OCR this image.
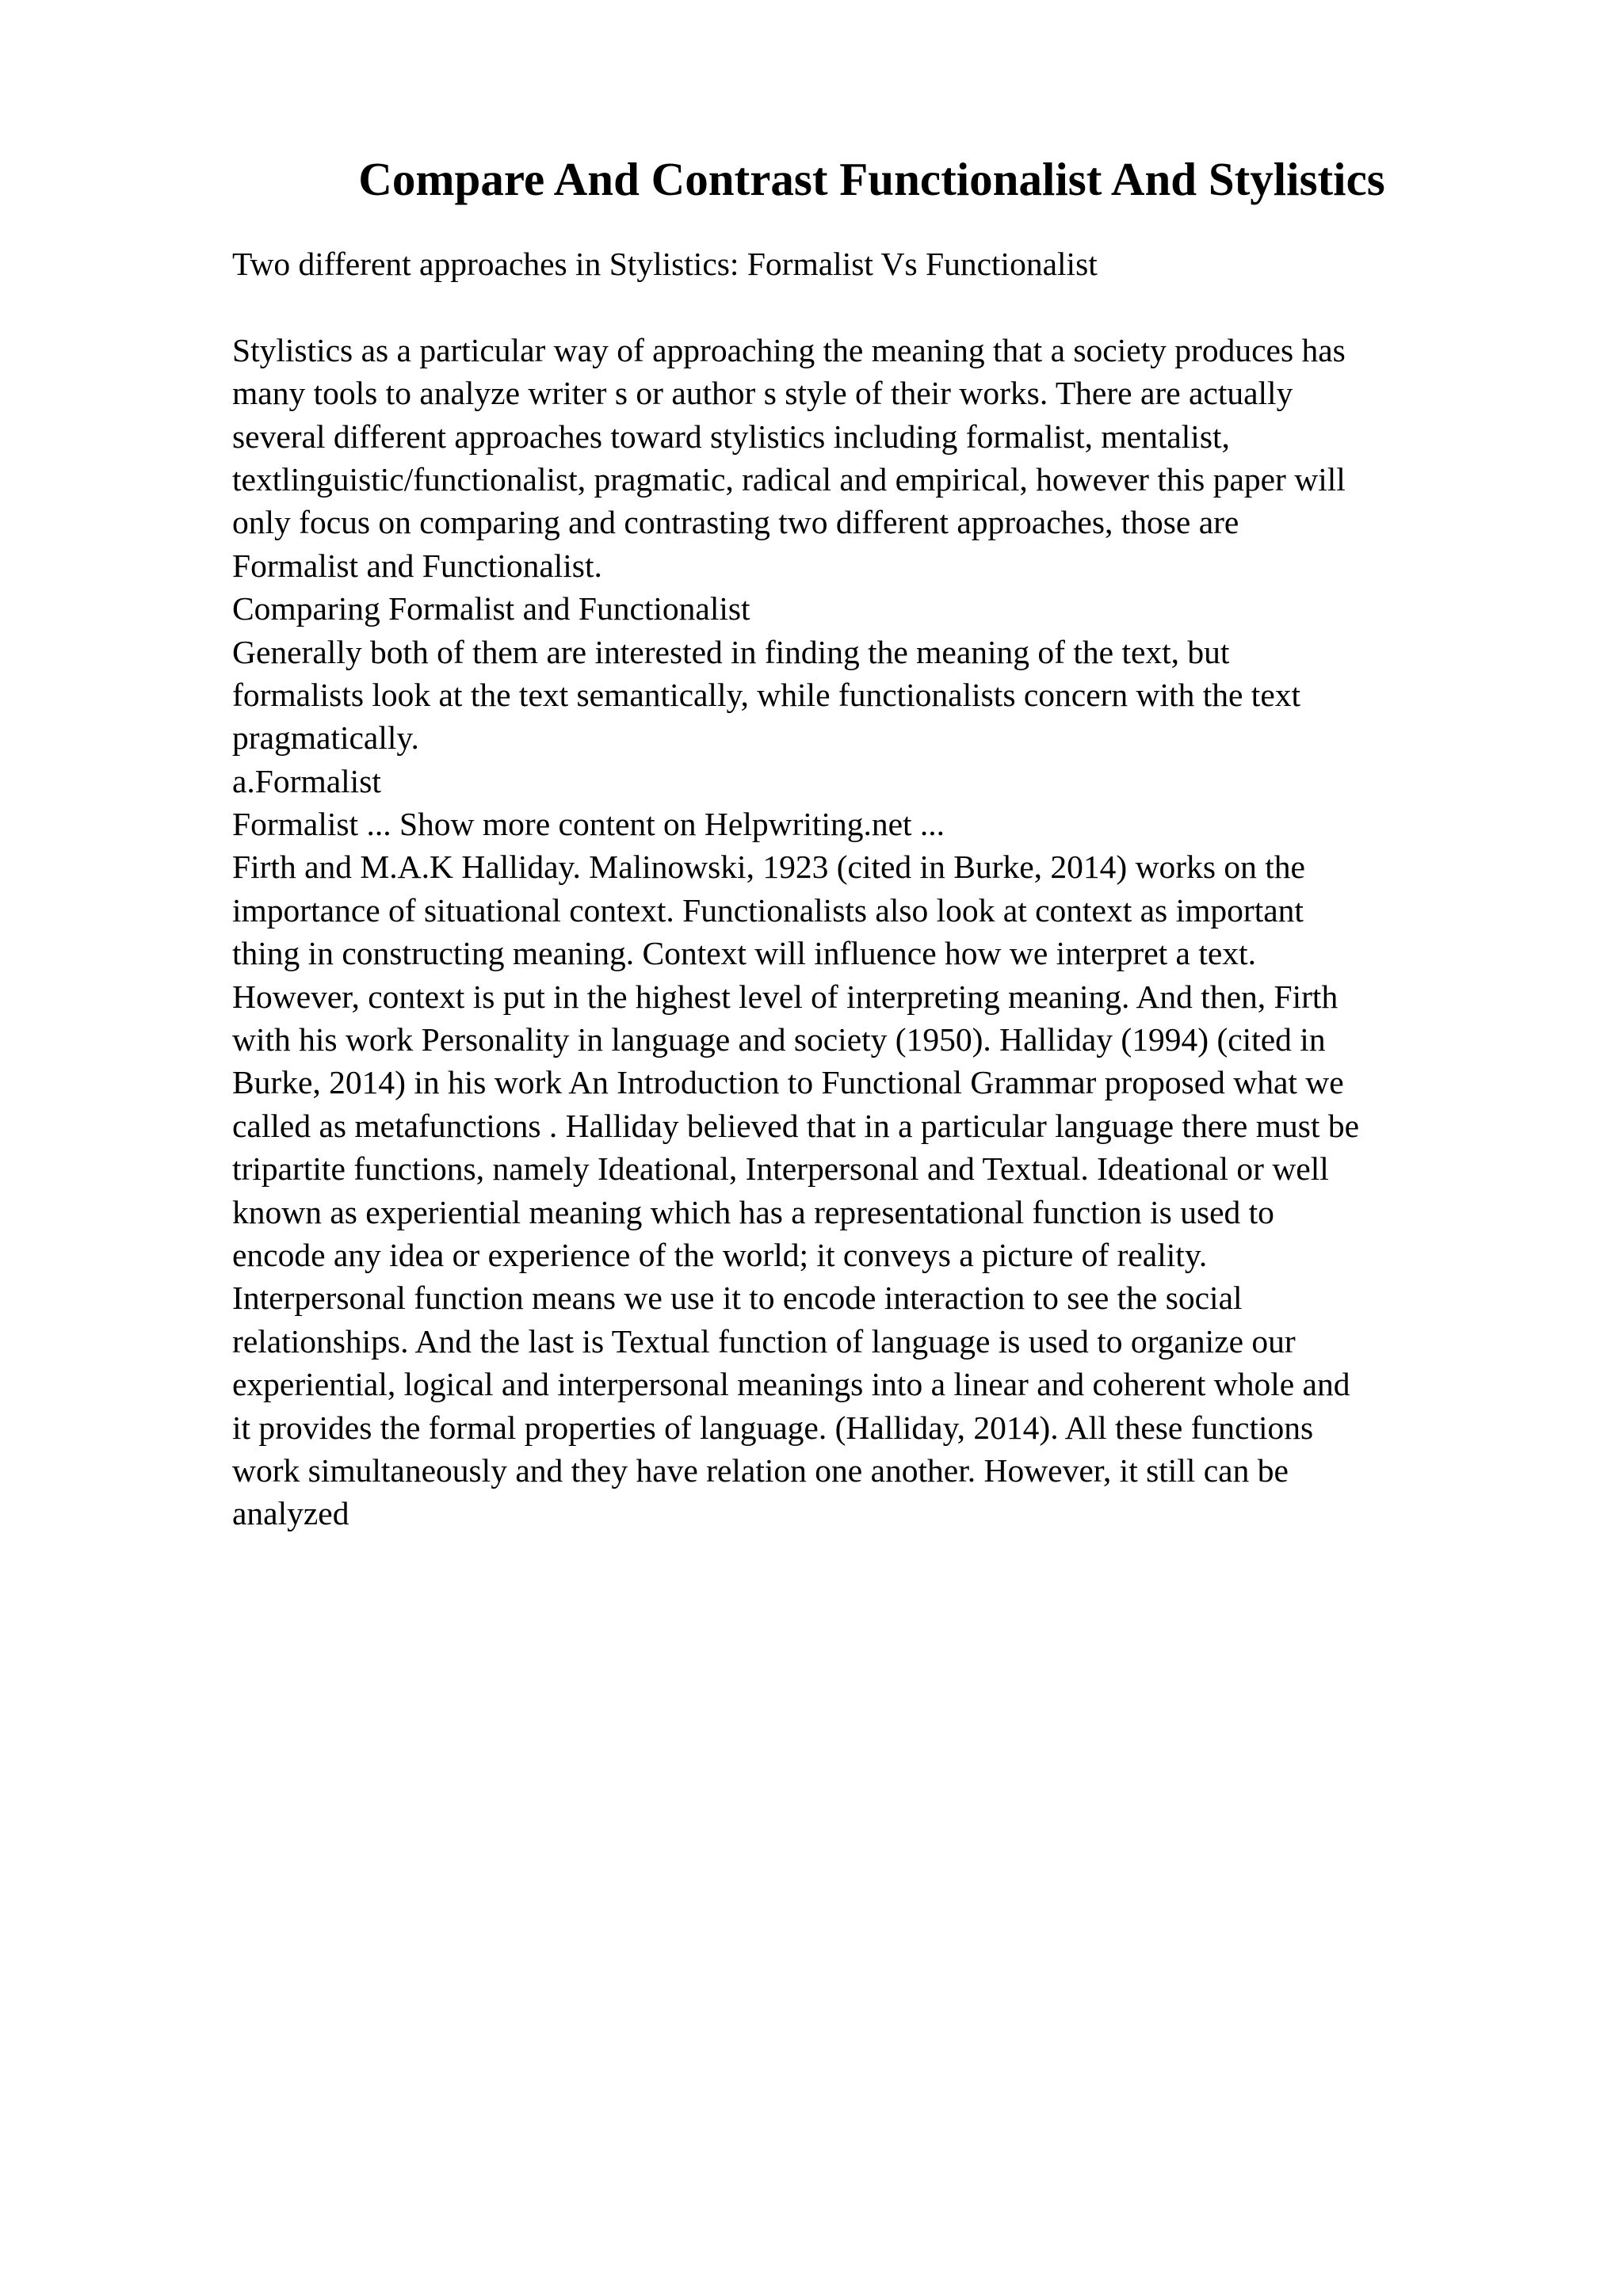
Compare And Contrast Functionalist And Stylistics
Two different approaches in Stylistics: Formalist Vs Functionalist
Stylistics as a particular way of approaching the meaning that a society produces has
many tools to analyze writer s or author s style of their works. There are actually
several different approaches toward stylistics including formalist, mentalist,
textlinguistic/functionalist, pragmatic, radical and empirical, however this paper will
only focus on comparing and contrasting two different approaches, those are
Formalist and Functionalist.
Comparing Formalist and Functionalist
Generally both of them are interested in finding the meaning of the text, but
formalists look at the text semantically, while functionalists concern with the text
pragmatically.
a.Formalist
Formalist ... Show more content on Helpwriting.net ...
Firth and M.A.K Halliday. Malinowski, 1923 (cited in Burke, 2014) works on the
importance of situational context. Functionalists also look at context as important
thing in constructing meaning. Context will influence how we interpret a text.
However, context is put in the highest level of interpreting meaning. And then, Firth
with his work Personality in language and society (1950). Halliday (1994) (cited in
Burke, 2014) in his work An Introduction to Functional Grammar proposed what we
called as metafunctions . Halliday believed that in a particular language there must be
tripartite functions, namely Ideational, Interpersonal and Textual. Ideational or well
known as experiential meaning which has a representational function is used to
encode any idea or experience of the world; it conveys a picture of reality.
Interpersonal function means we use it to encode interaction to see the social
relationships. And the last is Textual function of language is used to organize our
experiential, logical and interpersonal meanings into a linear and coherent whole and
it provides the formal properties of language. (Halliday, 2014). All these functions
work simultaneously and they have relation one another. However, it still can be
analyzed
